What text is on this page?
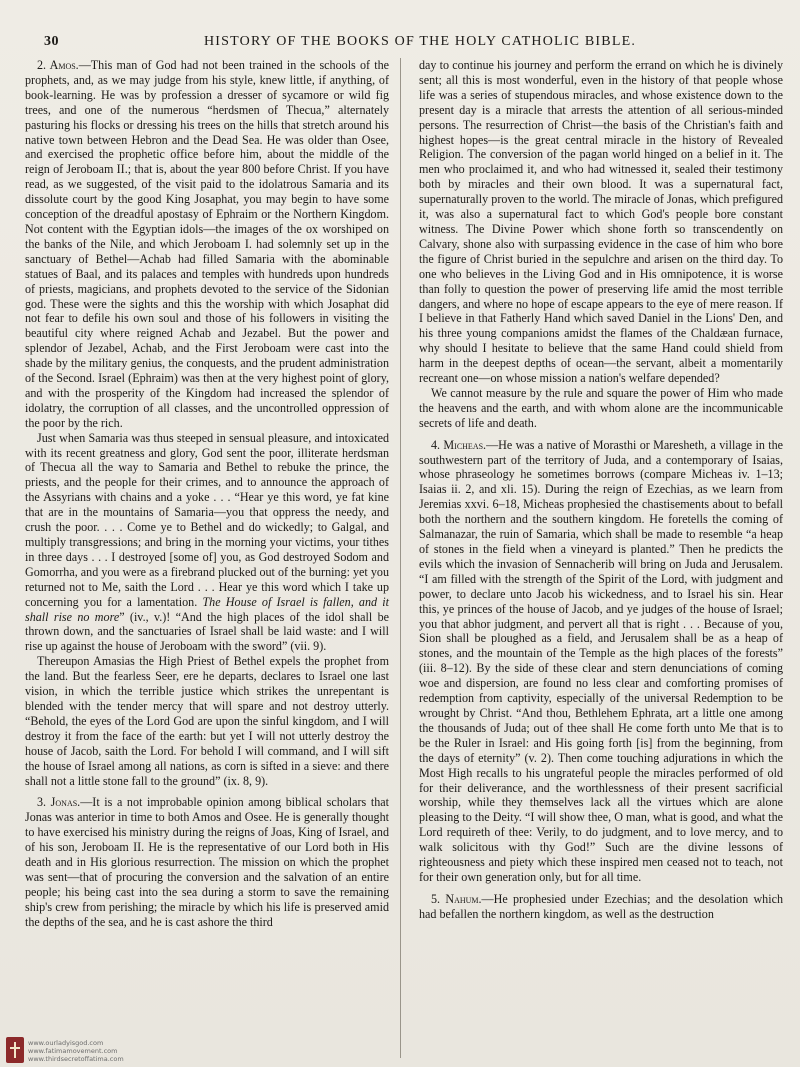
30	HISTORY OF THE BOOKS OF THE HOLY CATHOLIC BIBLE.

2. Amos.—This man of God had not been trained in the schools of the prophets, and, as we may judge from his style, knew little, if anything, of book-learning. He was by profession a dresser of sycamore or wild fig trees, and one of the numerous “herdsmen of Thecua,” alternately pasturing his flocks or dressing his trees on the hills that stretch around his native town between Hebron and the Dead Sea. He was older than Osee, and exercised the prophetic office before him, about the middle of the reign of Jeroboam II.; that is, about the year 800 before Christ. If you have read, as we suggested, of the visit paid to the idolatrous Samaria and its dissolute court by the good King Josaphat, you may begin to have some conception of the dreadful apostasy of Ephraim or the Northern Kingdom. Not content with the Egyptian idols—the images of the ox worshiped on the banks of the Nile, and which Jeroboam I. had solemnly set up in the sanctuary of Bethel—Achab had filled Samaria with the abominable statues of Baal, and its palaces and temples with hundreds upon hundreds of priests, magicians, and prophets devoted to the service of the Sidonian god. These were the sights and this the worship with which Josaphat did not fear to defile his own soul and those of his followers in visiting the beautiful city where reigned Achab and Jezabel. But the power and splendor of Jezabel, Achab, and the First Jeroboam were cast into the shade by the military genius, the conquests, and the prudent administration of the Second. Israel (Ephraim) was then at the very highest point of glory, and with the prosperity of the Kingdom had increased the splendor of idolatry, the corruption of all classes, and the uncontrolled oppression of the poor by the rich.

Just when Samaria was thus steeped in sensual pleasure, and intoxicated with its recent greatness and glory, God sent the poor, illiterate herdsman of Thecua all the way to Samaria and Bethel to rebuke the prince, the priests, and the people for their crimes, and to announce the approach of the Assyrians with chains and a yoke . . . “Hear ye this word, ye fat kine that are in the mountains of Samaria—you that oppress the needy, and crush the poor. . . . Come ye to Bethel and do wickedly; to Galgal, and multiply transgressions; and bring in the morning your victims, your tithes in three days . . . I destroyed [some of] you, as God destroyed Sodom and Gomorrha, and you were as a firebrand plucked out of the burning: yet you returned not to Me, saith the Lord . . . Hear ye this word which I take up concerning you for a lamentation. The House of Israel is fallen, and it shall rise no more” (iv., v.)! “And the high places of the idol shall be thrown down, and the sanctuaries of Israel shall be laid waste: and I will rise up against the house of Jeroboam with the sword” (vii. 9).

Thereupon Amasias the High Priest of Bethel expels the prophet from the land. But the fearless Seer, ere he departs, declares to Israel one last vision, in which the terrible justice which strikes the unrepentant is blended with the tender mercy that will spare and not destroy utterly. “Behold, the eyes of the Lord God are upon the sinful kingdom, and I will destroy it from the face of the earth: but yet I will not utterly destroy the house of Jacob, saith the Lord. For behold I will command, and I will sift the house of Israel among all nations, as corn is sifted in a sieve: and there shall not a little stone fall to the ground” (ix. 8, 9).

3. Jonas.—It is a not improbable opinion among biblical scholars that Jonas was anterior in time to both Amos and Osee. He is generally thought to have exercised his ministry during the reigns of Joas, King of Israel, and of his son, Jeroboam II. He is the representative of our Lord both in His death and in His glorious resurrection. The mission on which the prophet was sent—that of procuring the conversion and the salvation of an entire people; his being cast into the sea during a storm to save the remaining ship's crew from perishing; the miracle by which his life is preserved amid the depths of the sea, and he is cast ashore the third

day to continue his journey and perform the errand on which he is divinely sent; all this is most wonderful, even in the history of that people whose life was a series of stupendous miracles, and whose existence down to the present day is a miracle that arrests the attention of all serious-minded persons. The resurrection of Christ—the basis of the Christian's faith and highest hopes—is the great central miracle in the history of Revealed Religion. The conversion of the pagan world hinged on a belief in it. The men who proclaimed it, and who had witnessed it, sealed their testimony both by miracles and their own blood. It was a supernatural fact, supernaturally proven to the world. The miracle of Jonas, which prefigured it, was also a supernatural fact to which God's people bore constant witness. The Divine Power which shone forth so transcendently on Calvary, shone also with surpassing evidence in the case of him who bore the figure of Christ buried in the sepulchre and arisen on the third day. To one who believes in the Living God and in His omnipotence, it is worse than folly to question the power of preserving life amid the most terrible dangers, and where no hope of escape appears to the eye of mere reason. If I believe in that Fatherly Hand which saved Daniel in the Lions' Den, and his three young companions amidst the flames of the Chaldæan furnace, why should I hesitate to believe that the same Hand could shield from harm in the deepest depths of ocean—the servant, albeit a momentarily recreant one—on whose mission a nation's welfare depended?

We cannot measure by the rule and square the power of Him who made the heavens and the earth, and with whom alone are the incommunicable secrets of life and death.

4. Micheas.—He was a native of Morasthi or Maresheth, a village in the southwestern part of the territory of Juda, and a contemporary of Isaias, whose phraseology he sometimes borrows (compare Micheas iv. 1–13; Isaias ii. 2, and xli. 15). During the reign of Ezechias, as we learn from Jeremias xxvi. 6–18, Micheas prophesied the chastisements about to befall both the northern and the southern kingdom. He foretells the coming of Salmanazar, the ruin of Samaria, which shall be made to resemble “a heap of stones in the field when a vineyard is planted.” Then he predicts the evils which the invasion of Sennacherib will bring on Juda and Jerusalem. “I am filled with the strength of the Spirit of the Lord, with judgment and power, to declare unto Jacob his wickedness, and to Israel his sin. Hear this, ye princes of the house of Jacob, and ye judges of the house of Israel; you that abhor judgment, and pervert all that is right . . . Because of you, Sion shall be ploughed as a field, and Jerusalem shall be as a heap of stones, and the mountain of the Temple as the high places of the forests” (iii. 8–12). By the side of these clear and stern denunciations of coming woe and dispersion, are found no less clear and comforting promises of redemption from captivity, especially of the universal Redemption to be wrought by Christ. “And thou, Bethlehem Ephrata, art a little one among the thousands of Juda; out of thee shall He come forth unto Me that is to be the Ruler in Israel: and His going forth [is] from the beginning, from the days of eternity” (v. 2). Then come touching adjurations in which the Most High recalls to his ungrateful people the miracles performed of old for their deliverance, and the worthlessness of their present sacrificial worship, while they themselves lack all the virtues which are alone pleasing to the Deity. “I will show thee, O man, what is good, and what the Lord requireth of thee: Verily, to do judgment, and to love mercy, and to walk solicitous with thy God!” Such are the divine lessons of righteousness and piety which these inspired men ceased not to teach, not for their own generation only, but for all time.

5. Nahum.—He prophesied under Ezechias; and the desolation which had befallen the northern kingdom, as well as the destruction

www.ourladyisgod.com
www.fatimamovement.com
www.thirdsecretoffatima.com
